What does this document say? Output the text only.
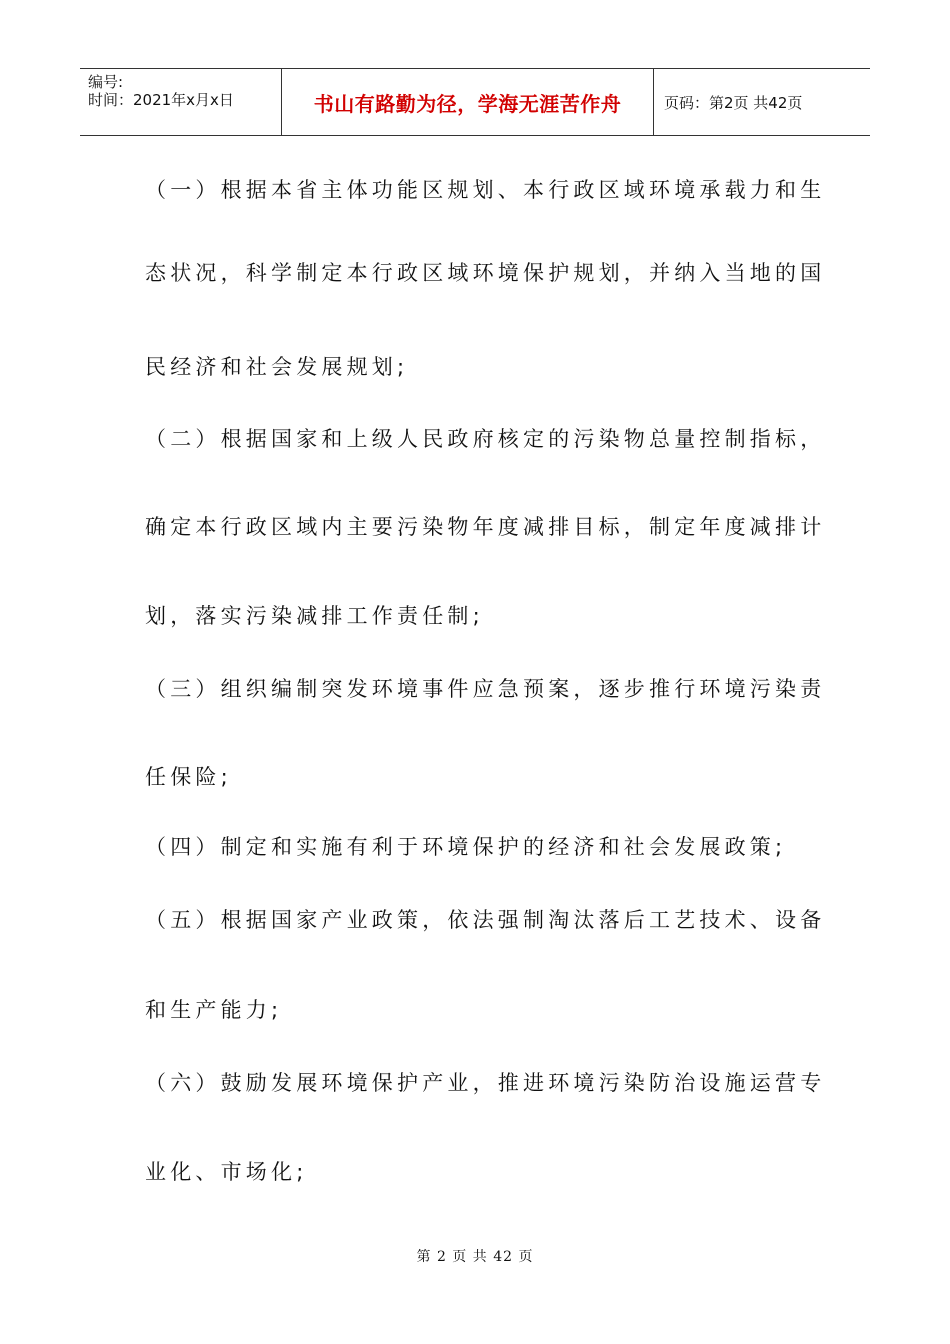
编号:
时间：2021年x月x日	书山有路勤为径，学海无涯苦作舟	页码：第2页 共42页
（一）根据本省主体功能区规划、本行政区域环境承载力和生
态状况，科学制定本行政区域环境保护规划，并纳入当地的国
民经济和社会发展规划;
（二）根据国家和上级人民政府核定的污染物总量控制指标，
确定本行政区域内主要污染物年度减排目标，制定年度减排计
划，落实污染减排工作责任制;
（三）组织编制突发环境事件应急预案，逐步推行环境污染责
任保险;
（四）制定和实施有利于环境保护的经济和社会发展政策;
（五）根据国家产业政策，依法强制淘汰落后工艺技术、设备
和生产能力;
（六）鼓励发展环境保护产业，推进环境污染防治设施运营专
业化、市场化;
第 2 页 共 42 页
